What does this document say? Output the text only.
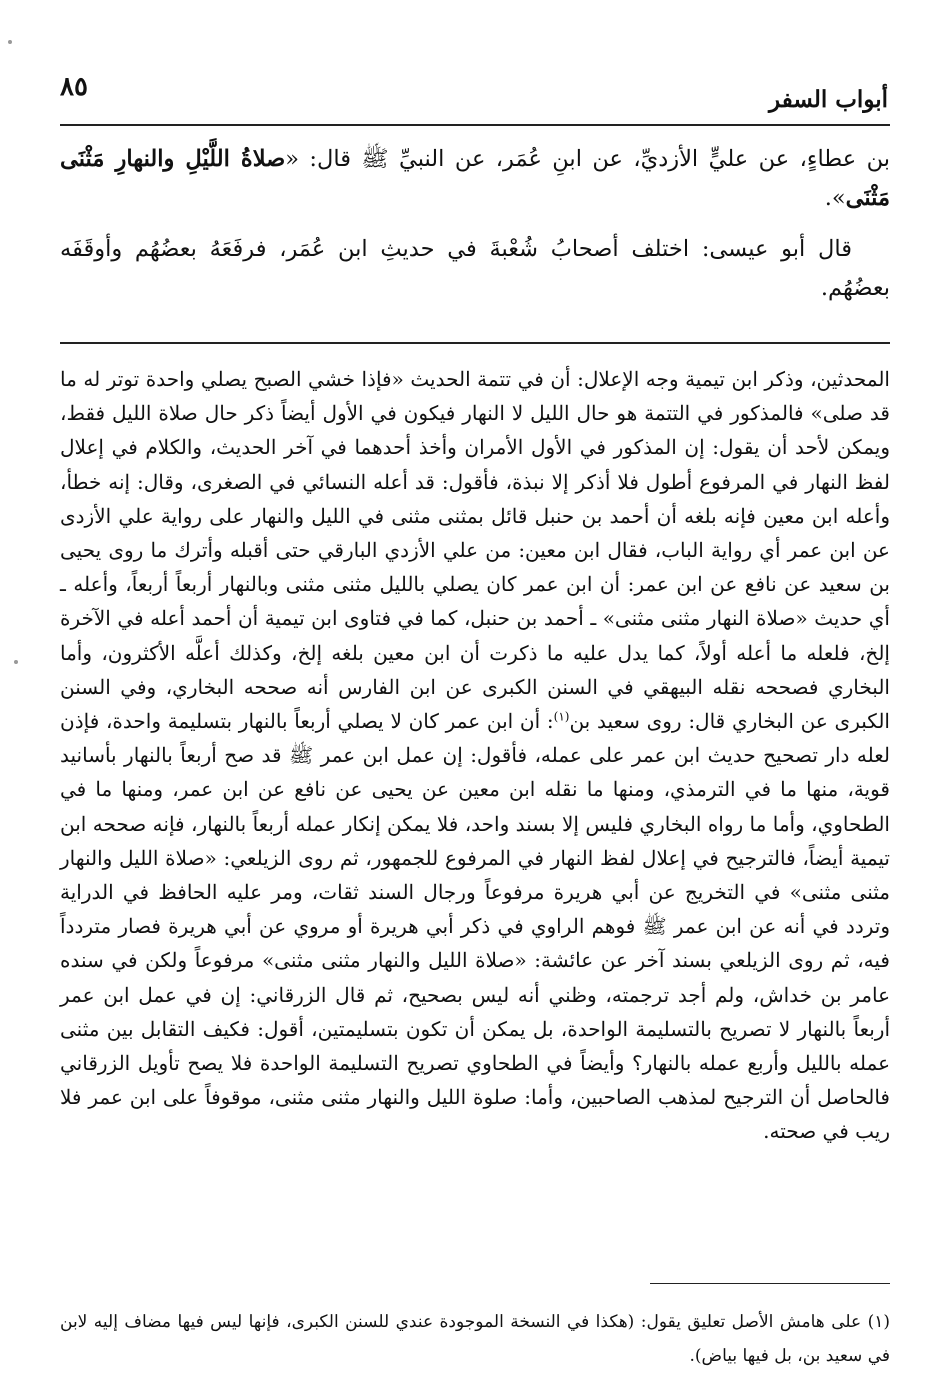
٨٥	أبواب السفر

بن عطاءٍ، عن عليٍّ الأزديِّ، عن ابنِ عُمَر، عن النبيِّ ﷺ قال: «صلاةُ اللَّيْلِ والنهارِ مَثْنَى مَثْنَى».

قال أبو عيسى: اختلف أصحابُ شُعْبةَ في حديثِ ابن عُمَر، فرفَعَهُ بعضُهُم وأوقَفَه بعضُهُم.

المحدثين، وذكر ابن تيمية وجه الإعلال: أن في تتمة الحديث «فإذا خشي الصبح يصلي واحدة توتر له ما قد صلى» فالمذكور في التتمة هو حال الليل لا النهار فيكون في الأول أيضاً ذكر حال صلاة الليل فقط، ويمكن لأحد أن يقول: إن المذكور في الأول الأمران وأخذ أحدهما في آخر الحديث، والكلام في إعلال لفظ النهار في المرفوع أطول فلا أذكر إلا نبذة، فأقول: قد أعله النسائي في الصغرى، وقال: إنه خطأ، وأعله ابن معين فإنه بلغه أن أحمد بن حنبل قائل بمثنى مثنى في الليل والنهار على رواية علي الأزدى عن ابن عمر أي رواية الباب، فقال ابن معين: من علي الأزدي البارقي حتى أقبله وأترك ما روى يحيى بن سعيد عن نافع عن ابن عمر: أن ابن عمر كان يصلي بالليل مثنى مثنى وبالنهار أربعاً أربعاً، وأعله ـ أي حديث «صلاة النهار مثنى مثنى» ـ أحمد بن حنبل، كما في فتاوى ابن تيمية أن أحمد أعله في الآخرة إلخ، فلعله ما أعله أولاً، كما يدل عليه ما ذكرت أن ابن معين بلغه إلخ، وكذلك أعلَّه الأكثرون، وأما البخاري فصححه نقله البيهقي في السنن الكبرى عن ابن الفارس أنه صححه البخاري، وفي السنن الكبرى عن البخاري قال: روى سعيد بن$^{(١)}$: أن ابن عمر كان لا يصلي أربعاً بالنهار بتسليمة واحدة، فإذن لعله دار تصحيح حديث ابن عمر على عمله، فأقول: إن عمل ابن عمر ﷺ قد صح أربعاً بالنهار بأسانيد قوية، منها ما في الترمذي، ومنها ما نقله ابن معين عن يحيى عن نافع عن ابن عمر، ومنها ما في الطحاوي، وأما ما رواه البخاري فليس إلا بسند واحد، فلا يمكن إنكار عمله أربعاً بالنهار، فإنه صححه ابن تيمية أيضاً، فالترجيح في إعلال لفظ النهار في المرفوع للجمهور، ثم روى الزيلعي: «صلاة الليل والنهار مثنى مثنى» في التخريج عن أبي هريرة مرفوعاً ورجال السند ثقات، ومر عليه الحافظ في الدراية وتردد في أنه عن ابن عمر ﷺ فوهم الراوي في ذكر أبي هريرة أو مروي عن أبي هريرة فصار متردداً فيه، ثم روى الزيلعي بسند آخر عن عائشة: «صلاة الليل والنهار مثنى مثنى» مرفوعاً ولكن في سنده عامر بن خداش، ولم أجد ترجمته، وظني أنه ليس بصحيح، ثم قال الزرقاني: إن في عمل ابن عمر أربعاً بالنهار لا تصريح بالتسليمة الواحدة، بل يمكن أن تكون بتسليمتين، أقول: فكيف التقابل بين مثنى عمله بالليل وأربع عمله بالنهار؟ وأيضاً في الطحاوي تصريح التسليمة الواحدة فلا يصح تأويل الزرقاني فالحاصل أن الترجيح لمذهب الصاحبين، وأما: صلوة الليل والنهار مثنى مثنى، موقوفاً على ابن عمر فلا ريب في صحته.

(١) على هامش الأصل تعليق يقول: (هكذا في النسخة الموجودة عندي للسنن الكبرى، فإنها ليس فيها مضاف إليه لابن في سعيد بن، بل فيها بياض).
